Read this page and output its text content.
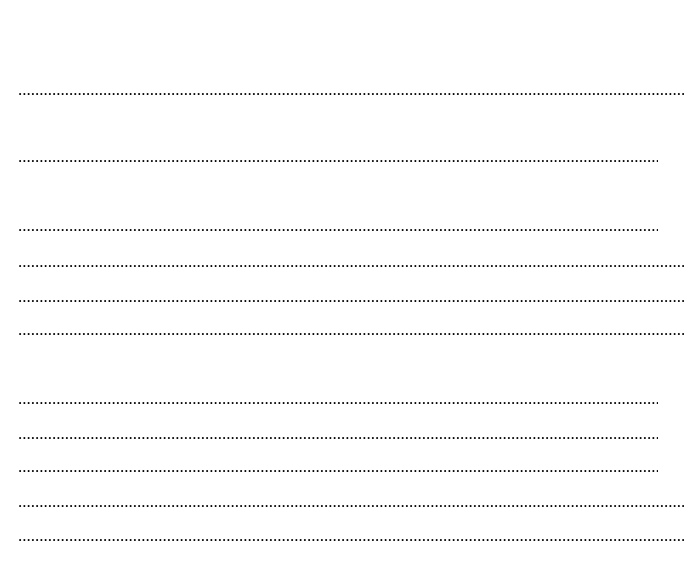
.....
.....
.....
.....
.....
.....
.....
.....
.....
.....
.....
